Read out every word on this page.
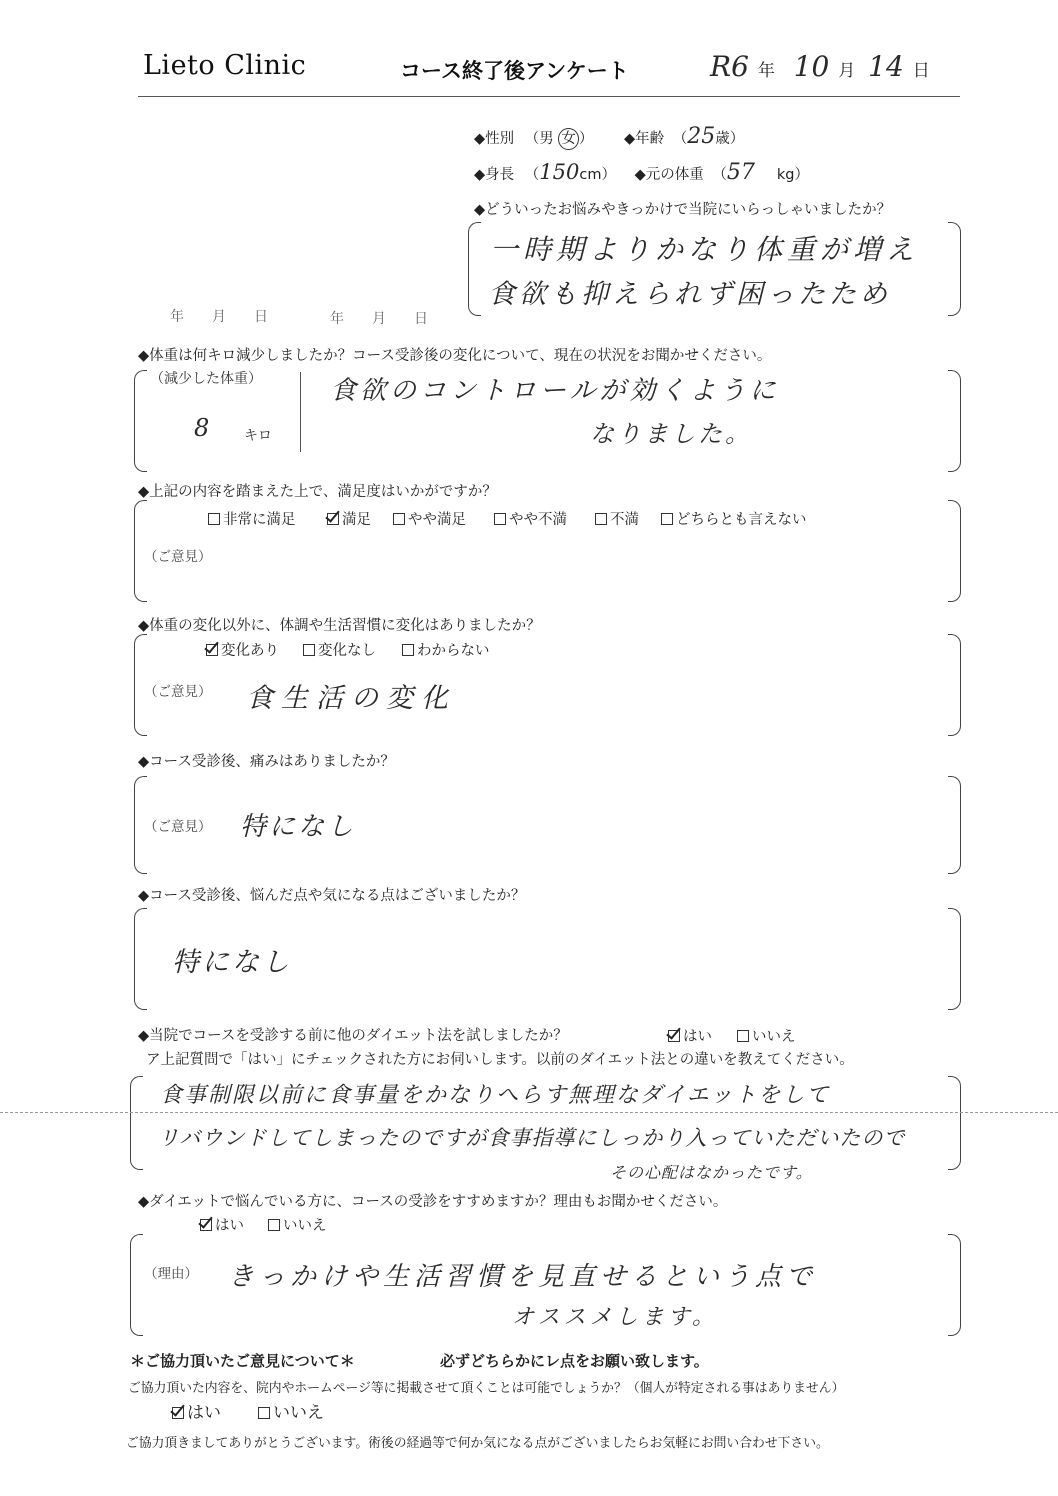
Lieto Clinic	コース終了後アンケート	R6 年 10 月 14 日
◆性別 （男 女 ） ◆年齢 （25歳）
◆身長 （150cm） ◆元の体重 （57 kg）
◆どういったお悩みやきっかけで当院にいらっしゃいましたか？
一時期よりかなり体重が増え
食欲も抑えられず困ったため
年　　月　　日	年　　月　　日
◆体重は何キロ減少しましたか？コース受診後の変化について、現在の状況をお聞かせください。
（減少した体重）
8 キロ
食欲のコントロールが効くように
なりました。
◆上記の内容を踏まえた上で、満足度はいかがですか？
非常に満足	満足	やや満足	やや不満	不満	どちらとも言えない
（ご意見）
◆体重の変化以外に、体調や生活習慣に変化はありましたか？
変化あり	変化なし	わからない
（ご意見） 食生活の変化
◆コース受診後、痛みはありましたか？
（ご意見） 特になし
◆コース受診後、悩んだ点や気になる点はございましたか？
特になし
◆当院でコースを受診する前に他のダイエット法を試しましたか？	はい	いいえ
ア上記質問で「はい」にチェックされた方にお伺いします。以前のダイエット法との違いを教えてください。
食事制限以前に食事量をかなりへらす無理なダイエットをして
リバウンドしてしまったのですが食事指導にしっかり入っていただいたので
その心配はなかったです。
◆ダイエットで悩んでいる方に、コースの受診をすすめますか？理由もお聞かせください。
はい	いいえ
（理由） きっかけや生活習慣を見直せるという点で
オススメします。
＊ご協力頂いたご意見について＊	必ずどちらかにレ点をお願い致します。
ご協力頂いた内容を、院内やホームページ等に掲載させて頂くことは可能でしょうか？（個人が特定される事はありません）
はい	いいえ
ご協力頂きましてありがとうございます。術後の経過等で何か気になる点がございましたらお気軽にお問い合わせ下さい。
